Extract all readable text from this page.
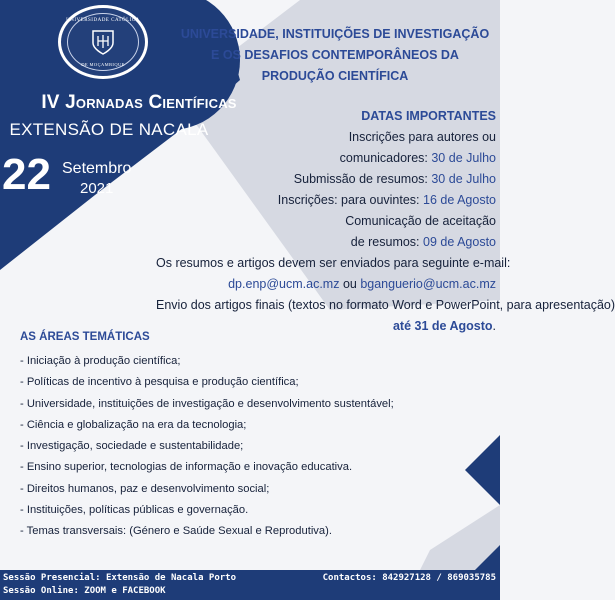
UNIVERSIDADE CATÓLICA
DE MOÇAMBIQUE
IV Jornadas Científicas
EXTENSÃO DE NACALA
22 Setembro
2021
UNIVERSIDADE, INSTITUIÇÕES DE INVESTIGAÇÃO
E OS DESAFIOS CONTEMPORÂNEOS DA
PRODUÇÃO CIENTÍFICA
DATAS IMPORTANTES
Inscrições para autores ou
comunicadores: 30 de Julho
Submissão de resumos: 30 de Julho
Inscrições: para ouvintes: 16 de Agosto
Comunicação de aceitação
de resumos: 09 de Agosto
Os resumos e artigos devem ser enviados para seguinte e-mail:
dp.enp@ucm.ac.mz ou bganguerio@ucm.ac.mz
Envio dos artigos finais (textos no formato Word e PowerPoint, para apresentação)
até 31 de Agosto.
AS ÁREAS TEMÁTICAS
- Iniciação à produção científica;
- Políticas de incentivo à pesquisa e produção científica;
- Universidade, instituições de investigação e desenvolvimento sustentável;
- Ciência e globalização na era da tecnologia;
- Investigação, sociedade e sustentabilidade;
- Ensino superior, tecnologias de informação e inovação educativa.
- Direitos humanos, paz e desenvolvimento social;
- Instituições, políticas públicas e governação.
- Temas transversais: (Género e Saúde Sexual e Reprodutiva).
Sessão Presencial: Extensão de Nacala Porto
Sessão Online: ZOOM e FACEBOOK
Contactos: 842927128 / 869035785
